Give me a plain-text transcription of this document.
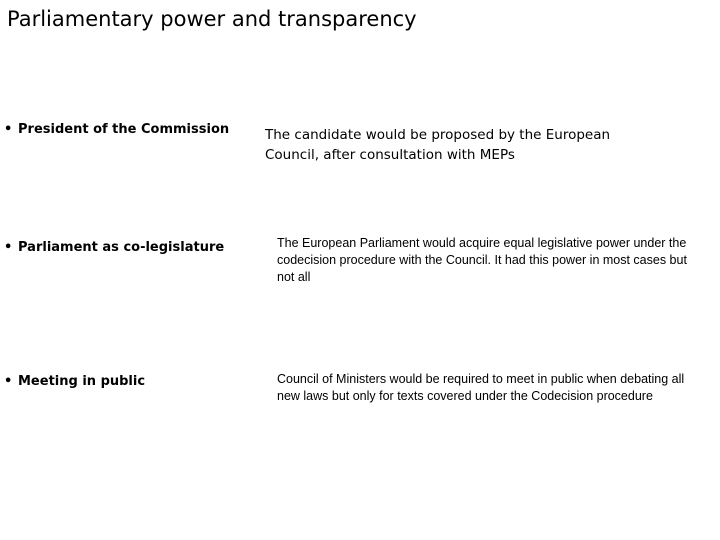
Parliamentary power and transparency
• President of the Commission	The candidate would be proposed by the European Council, after consultation with MEPs

• Parliament as co-legislature	The European Parliament would acquire equal legislative power under the codecision procedure with the Council. It had this power in most cases but not all

• Meeting in public	Council of Ministers would be required to meet in public when debating all new laws but only for texts covered under the Codecision procedure
